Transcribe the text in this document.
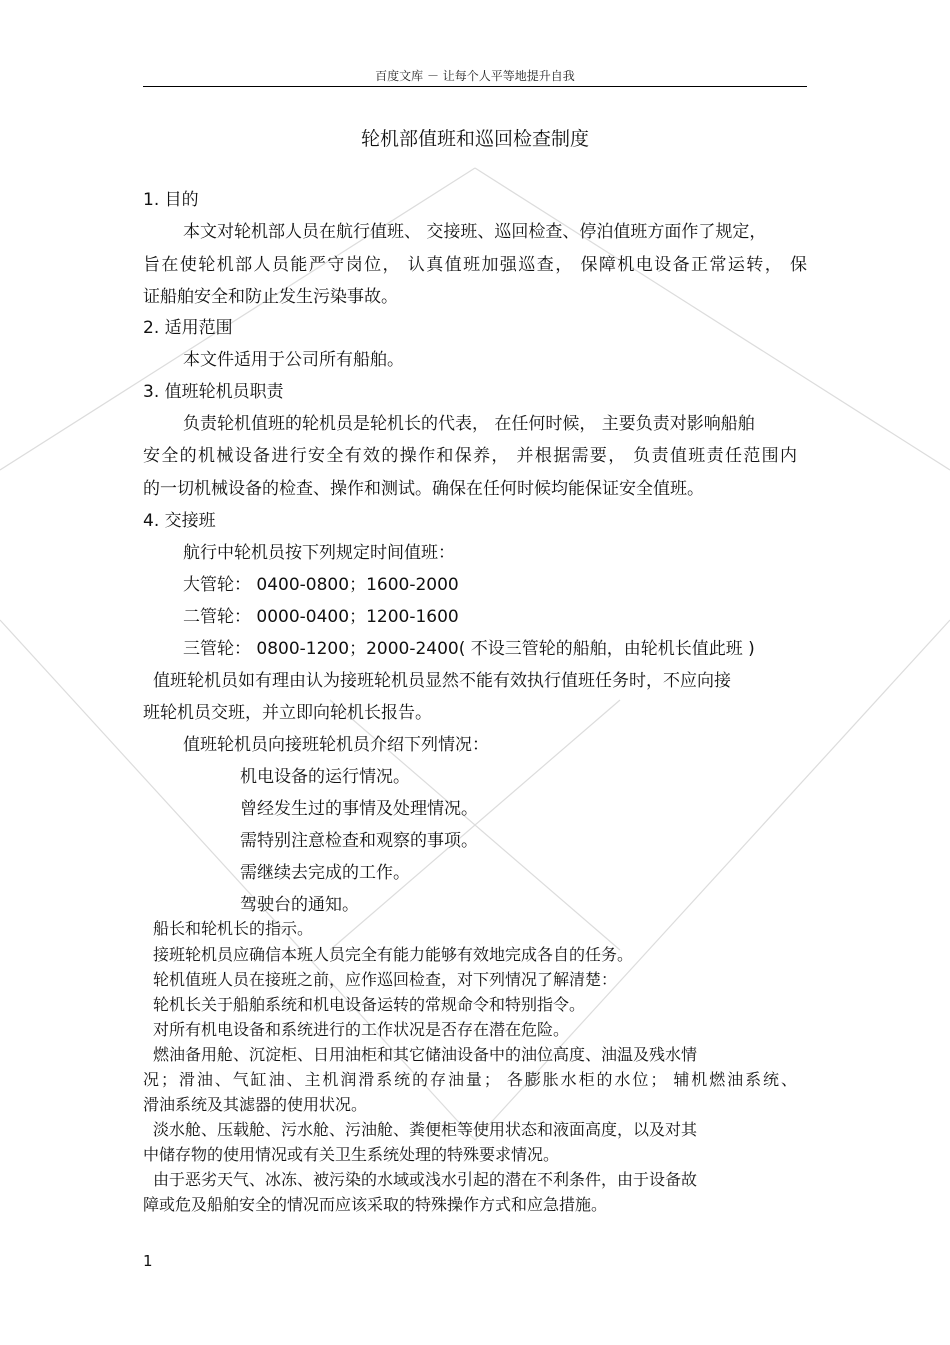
百度文库 － 让每个人平等地提升自我
轮机部值班和巡回检查制度
1. 目的
本文对轮机部人员在航行值班、 交接班、巡回检查、停泊值班方面作了规定，
旨在使轮机部人员能严守岗位， 认真值班加强巡查， 保障机电设备正常运转， 保
证船舶安全和防止发生污染事故。
2. 适用范围
本文件适用于公司所有船舶。
3. 值班轮机员职责
负责轮机值班的轮机员是轮机长的代表， 在任何时候， 主要负责对影响船舶
安全的机械设备进行安全有效的操作和保养， 并根据需要， 负责值班责任范围内
的一切机械设备的检查、操作和测试。确保在任何时候均能保证安全值班。
4. 交接班
航行中轮机员按下列规定时间值班：
大管轮： 0400-0800；1600-2000
二管轮： 0000-0400；1200-1600
三管轮： 0800-1200；2000-2400( 不设三管轮的船舶，由轮机长值此班 )
值班轮机员如有理由认为接班轮机员显然不能有效执行值班任务时，不应向接
班轮机员交班，并立即向轮机长报告。
值班轮机员向接班轮机员介绍下列情况：
机电设备的运行情况。
曾经发生过的事情及处理情况。
需特别注意检查和观察的事项。
需继续去完成的工作。
驾驶台的通知。
船长和轮机长的指示。
接班轮机员应确信本班人员完全有能力能够有效地完成各自的任务。
轮机值班人员在接班之前，应作巡回检查，对下列情况了解清楚：
轮机长关于船舶系统和机电设备运转的常规命令和特别指令。
对所有机电设备和系统进行的工作状况是否存在潜在危险。
燃油备用舱、沉淀柜、日用油柜和其它储油设备中的油位高度、油温及残水情
况；滑油、气缸油、主机润滑系统的存油量； 各膨胀水柜的水位； 辅机燃油系统、
滑油系统及其滤器的使用状况。
淡水舱、压载舱、污水舱、污油舱、粪便柜等使用状态和液面高度，以及对其
中储存物的使用情况或有关卫生系统处理的特殊要求情况。
由于恶劣天气、冰冻、被污染的水域或浅水引起的潜在不利条件，由于设备故
障或危及船舶安全的情况而应该采取的特殊操作方式和应急措施。
1
